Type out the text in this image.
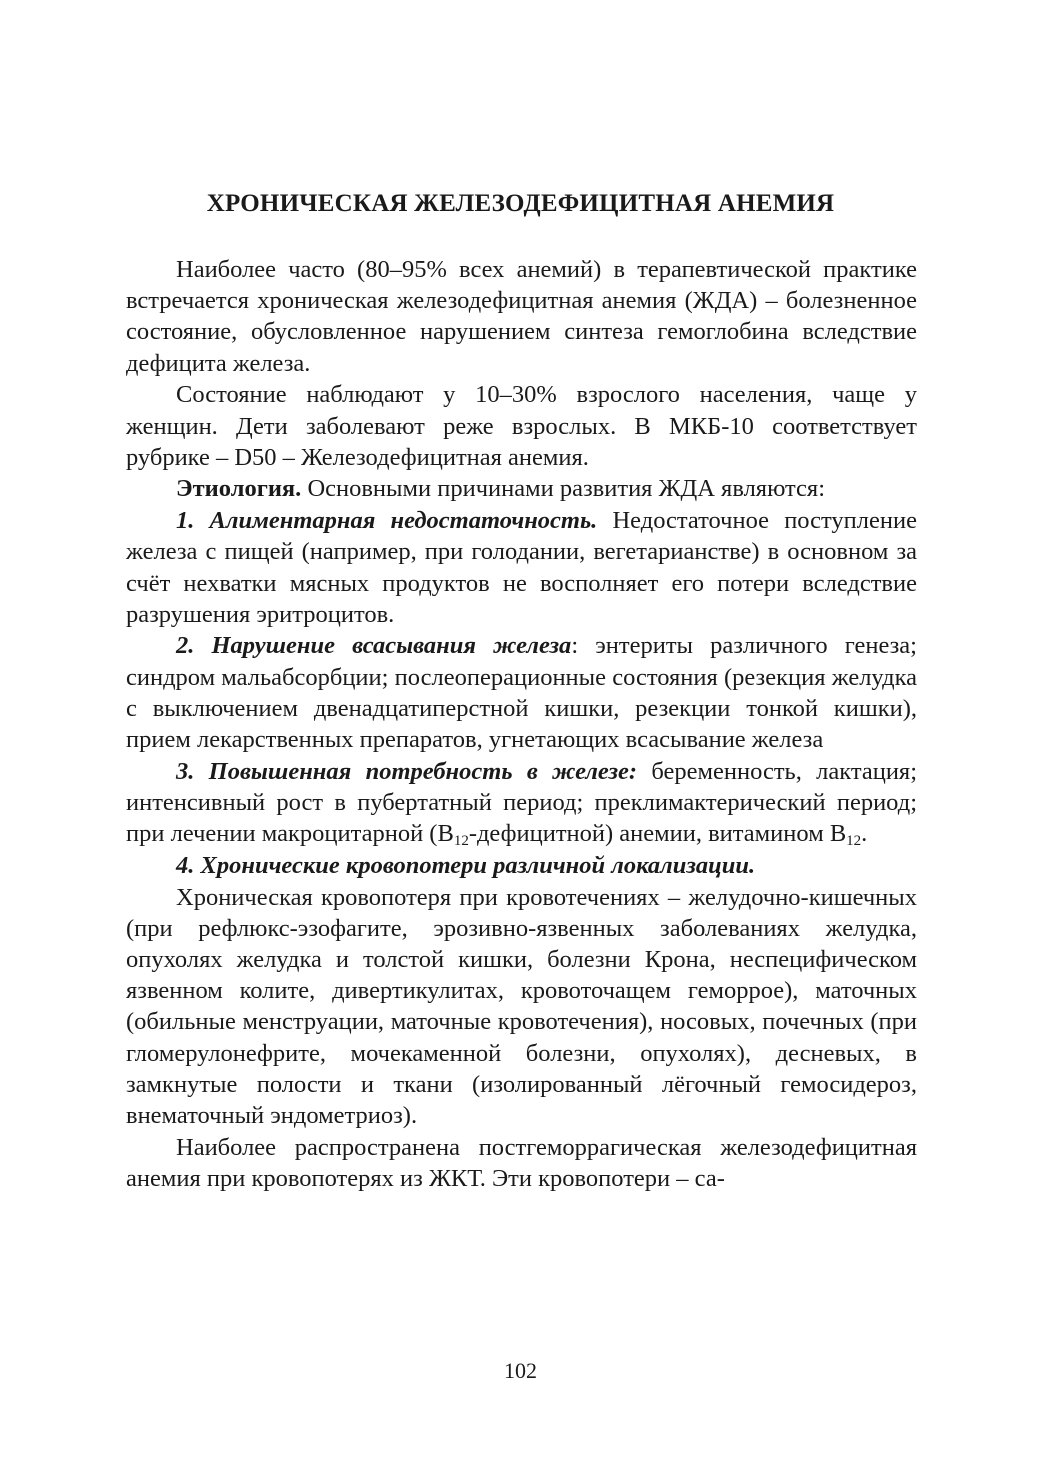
ХРОНИЧЕСКАЯ ЖЕЛЕЗОДЕФИЦИТНАЯ АНЕМИЯ

Наиболее часто (80–95% всех анемий) в терапевтической практике встречается хроническая железодефицитная анемия (ЖДА) – болезненное состояние, обусловленное нарушением синтеза гемоглобина вследствие дефицита железа.

Состояние наблюдают у 10–30% взрослого населения, чаще у женщин. Дети заболевают реже взрослых. В МКБ-10 соответствует рубрике – D50 – Железодефицитная анемия.

Этиология. Основными причинами развития ЖДА являются:

1. Алиментарная недостаточность. Недостаточное поступление железа с пищей (например, при голодании, вегетарианстве) в основном за счёт нехватки мясных продуктов не восполняет его потери вследствие разрушения эритроцитов.

2. Нарушение всасывания железа: энтериты различного генеза; синдром мальабсорбции; послеоперационные состояния (резекция желудка с выключением двенадцатиперстной кишки, резекции тонкой кишки), прием лекарственных препаратов, угнетающих всасывание железа

3. Повышенная потребность в железе: беременность, лактация; интенсивный рост в пубертатный период; преклимактерический период; при лечении макроцитарной $(B_{12}-дефицитной)$ анемии, витамином $B_{12}$.

4. Хронические кровопотери различной локализации.

Хроническая кровопотеря при кровотечениях – желудочно-кишечных (при рефлюкс-эзофагите, эрозивно-язвенных заболеваниях желудка, опухолях желудка и толстой кишки, болезни Крона, неспецифическом язвенном колите, дивертикулитах, кровоточащем геморрое), маточных (обильные менструации, маточные кровотечения), носовых, почечных (при гломерулонефрите, мочекаменной болезни, опухолях), десневых, в замкнутые полости и ткани (изолированный лёгочный гемосидероз, внематочный эндометриоз).

Наиболее распространена постгеморрагическая железодефицитная анемия при кровопотерях из ЖКТ. Эти кровопотери – са-

102
